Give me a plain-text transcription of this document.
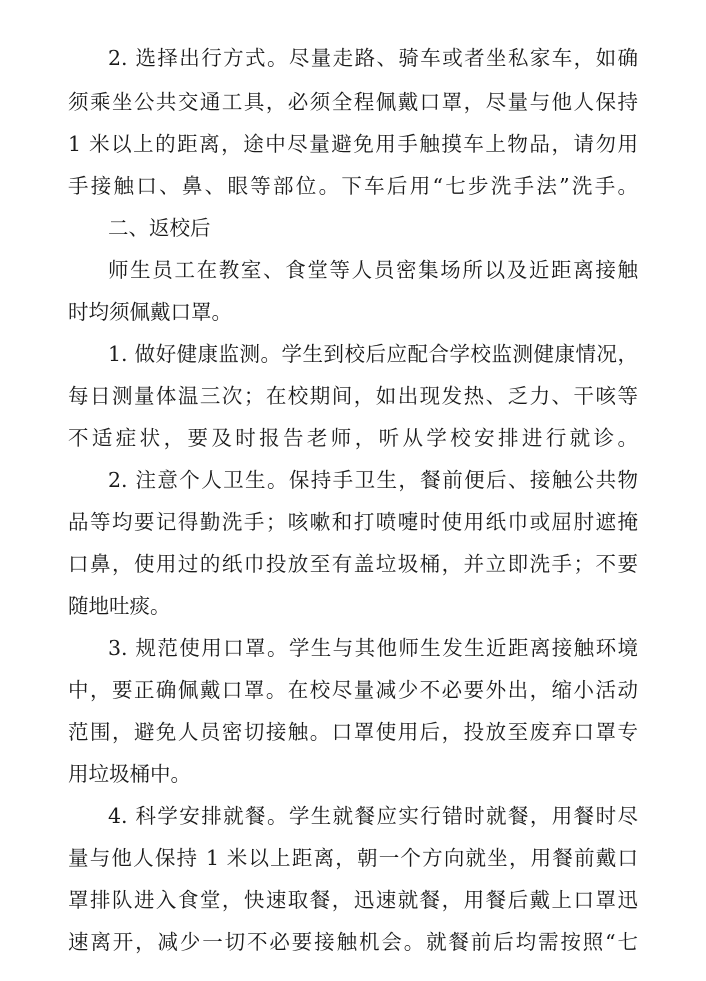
2. 选择出行方式。尽量走路、骑车或者坐私家车，如确
须乘坐公共交通工具，必须全程佩戴口罩，尽量与他人保持
1 米以上的距离，途中尽量避免用手触摸车上物品，请勿用
手接触口、鼻、眼等部位。下车后用“七步洗手法”洗手。
二、返校后
师生员工在教室、食堂等人员密集场所以及近距离接触
时均须佩戴口罩。
1. 做好健康监测。学生到校后应配合学校监测健康情况，
每日测量体温三次；在校期间，如出现发热、乏力、干咳等
不适症状，要及时报告老师，听从学校安排进行就诊。
2. 注意个人卫生。保持手卫生，餐前便后、接触公共物
品等均要记得勤洗手；咳嗽和打喷嚏时使用纸巾或屈肘遮掩
口鼻，使用过的纸巾投放至有盖垃圾桶，并立即洗手；不要
随地吐痰。
3. 规范使用口罩。学生与其他师生发生近距离接触环境
中，要正确佩戴口罩。在校尽量减少不必要外出，缩小活动
范围，避免人员密切接触。口罩使用后，投放至废弃口罩专
用垃圾桶中。
4. 科学安排就餐。学生就餐应实行错时就餐，用餐时尽
量与他人保持 1 米以上距离，朝一个方向就坐，用餐前戴口
罩排队进入食堂，快速取餐，迅速就餐，用餐后戴上口罩迅
速离开，减少一切不必要接触机会。就餐前后均需按照“七
